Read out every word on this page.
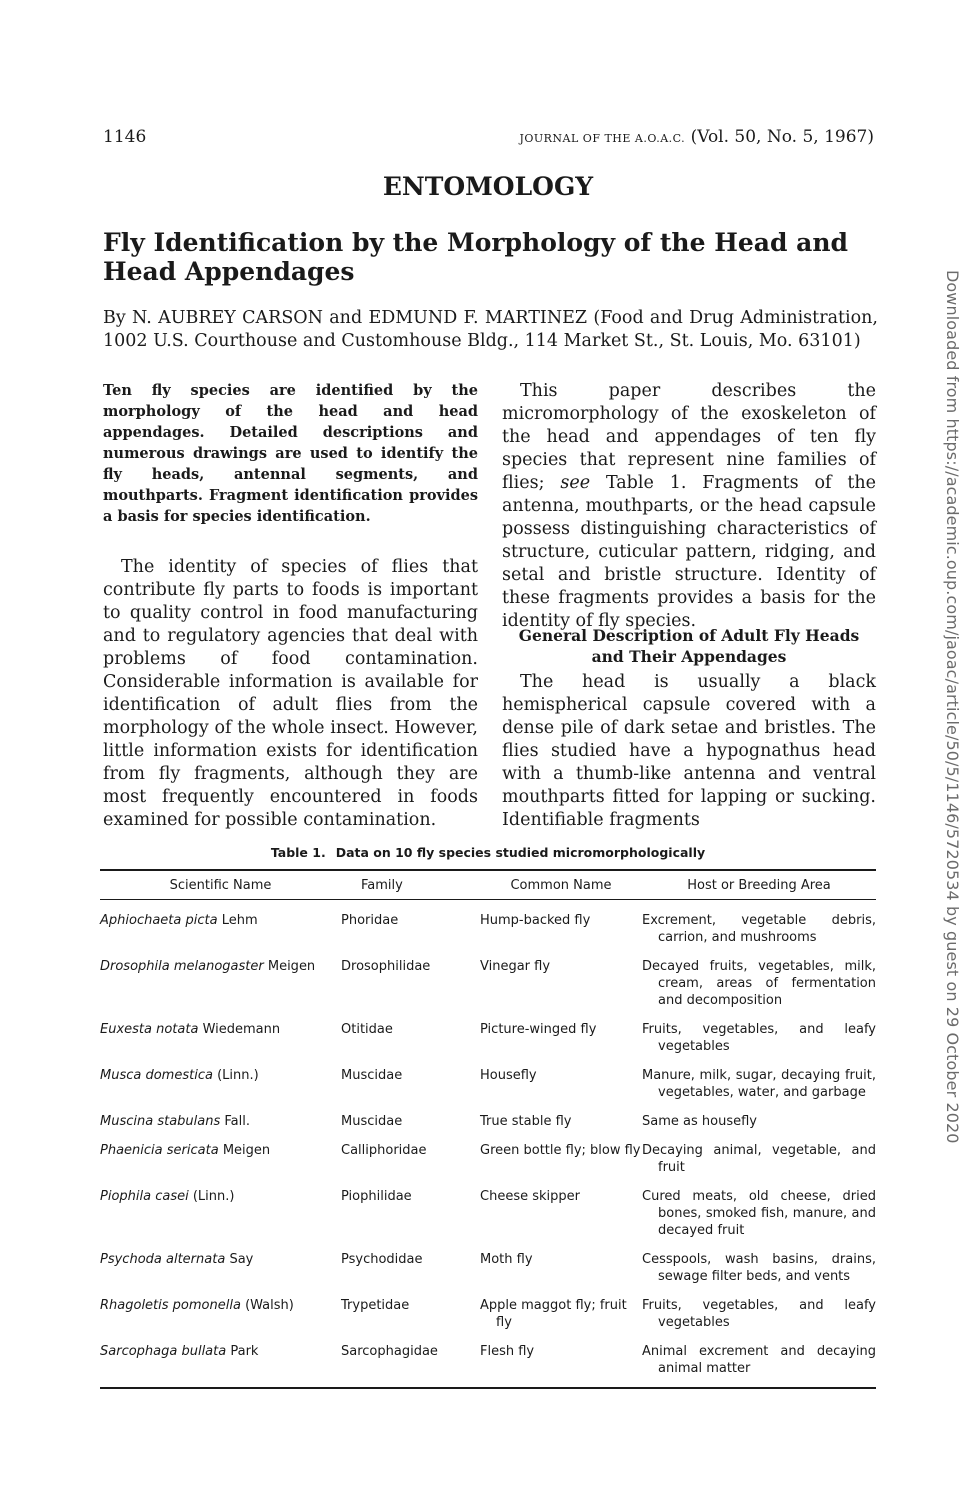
1146	JOURNAL OF THE A.O.A.C. (Vol. 50, No. 5, 1967)
ENTOMOLOGY
Fly Identification by the Morphology of the Head and Head Appendages

By N. AUBREY CARSON and EDMUND F. MARTINEZ (Food and Drug Administration, 1002 U.S. Courthouse and Customhouse Bldg., 114 Market St., St. Louis, Mo. 63101)

Ten fly species are identified by the morphology of the head and head appendages. Detailed descriptions and numerous drawings are used to identify the fly heads, antennal segments, and mouthparts. Fragment identification provides a basis for species identification.

The identity of species of flies that contribute fly parts to foods is important to quality control in food manufacturing and to regulatory agencies that deal with problems of food contamination. Considerable information is available for identification of adult flies from the morphology of the whole insect. However, little information exists for identification from fly fragments, although they are most frequently encountered in foods examined for possible contamination.

This paper describes the micromorphology of the exoskeleton of the head and appendages of ten fly species that represent nine families of flies; see Table 1. Fragments of the antenna, mouthparts, or the head capsule possess distinguishing characteristics of structure, cuticular pattern, ridging, and setal and bristle structure. Identity of these fragments provides a basis for the identity of fly species.

General Description of Adult Fly Heads and Their Appendages

The head is usually a black hemispherical capsule covered with a dense pile of dark setae and bristles. The flies studied have a hypognathus head with a thumb-like antenna and ventral mouthparts fitted for lapping or sucking. Identifiable fragments

Table 1. Data on 10 fly species studied micromorphologically
Scientific Name	Family	Common Name	Host or Breeding Area
Aphiochaeta picta Lehm	Phoridae	Hump-backed fly	Excrement, vegetable debris, carrion, and mushrooms

Drosophila melanogaster Meigen	Drosophilidae	Vinegar fly	Decayed fruits, vegetables, milk, cream, areas of fermentation and decomposition

Euxesta notata Wiedemann	Otitidae	Picture-winged fly	Fruits, vegetables, and leafy vegetables

Musca domestica (Linn.)	Muscidae	Housefly	Manure, milk, sugar, decaying fruit, vegetables, water, and garbage

Muscina stabulans Fall.	Muscidae	True stable fly	Same as housefly

Phaenicia sericata Meigen	Calliphoridae	Green bottle fly; blow fly	Decaying animal, vegetable, and fruit

Piophila casei (Linn.)	Piophilidae	Cheese skipper	Cured meats, old cheese, dried bones, smoked fish, manure, and decayed fruit

Psychoda alternata Say	Psychodidae	Moth fly	Cesspools, wash basins, drains, sewage filter beds, and vents

Rhagoletis pomonella (Walsh)	Trypetidae	Apple maggot fly; fruit fly	Fruits, vegetables, and leafy vegetables

Sarcophaga bullata Park	Sarcophagidae	Flesh fly	Animal excrement and decaying animal matter
Downloaded from https://academic.oup.com/jaoac/article/50/5/1146/5720534 by guest on 29 October 2020
